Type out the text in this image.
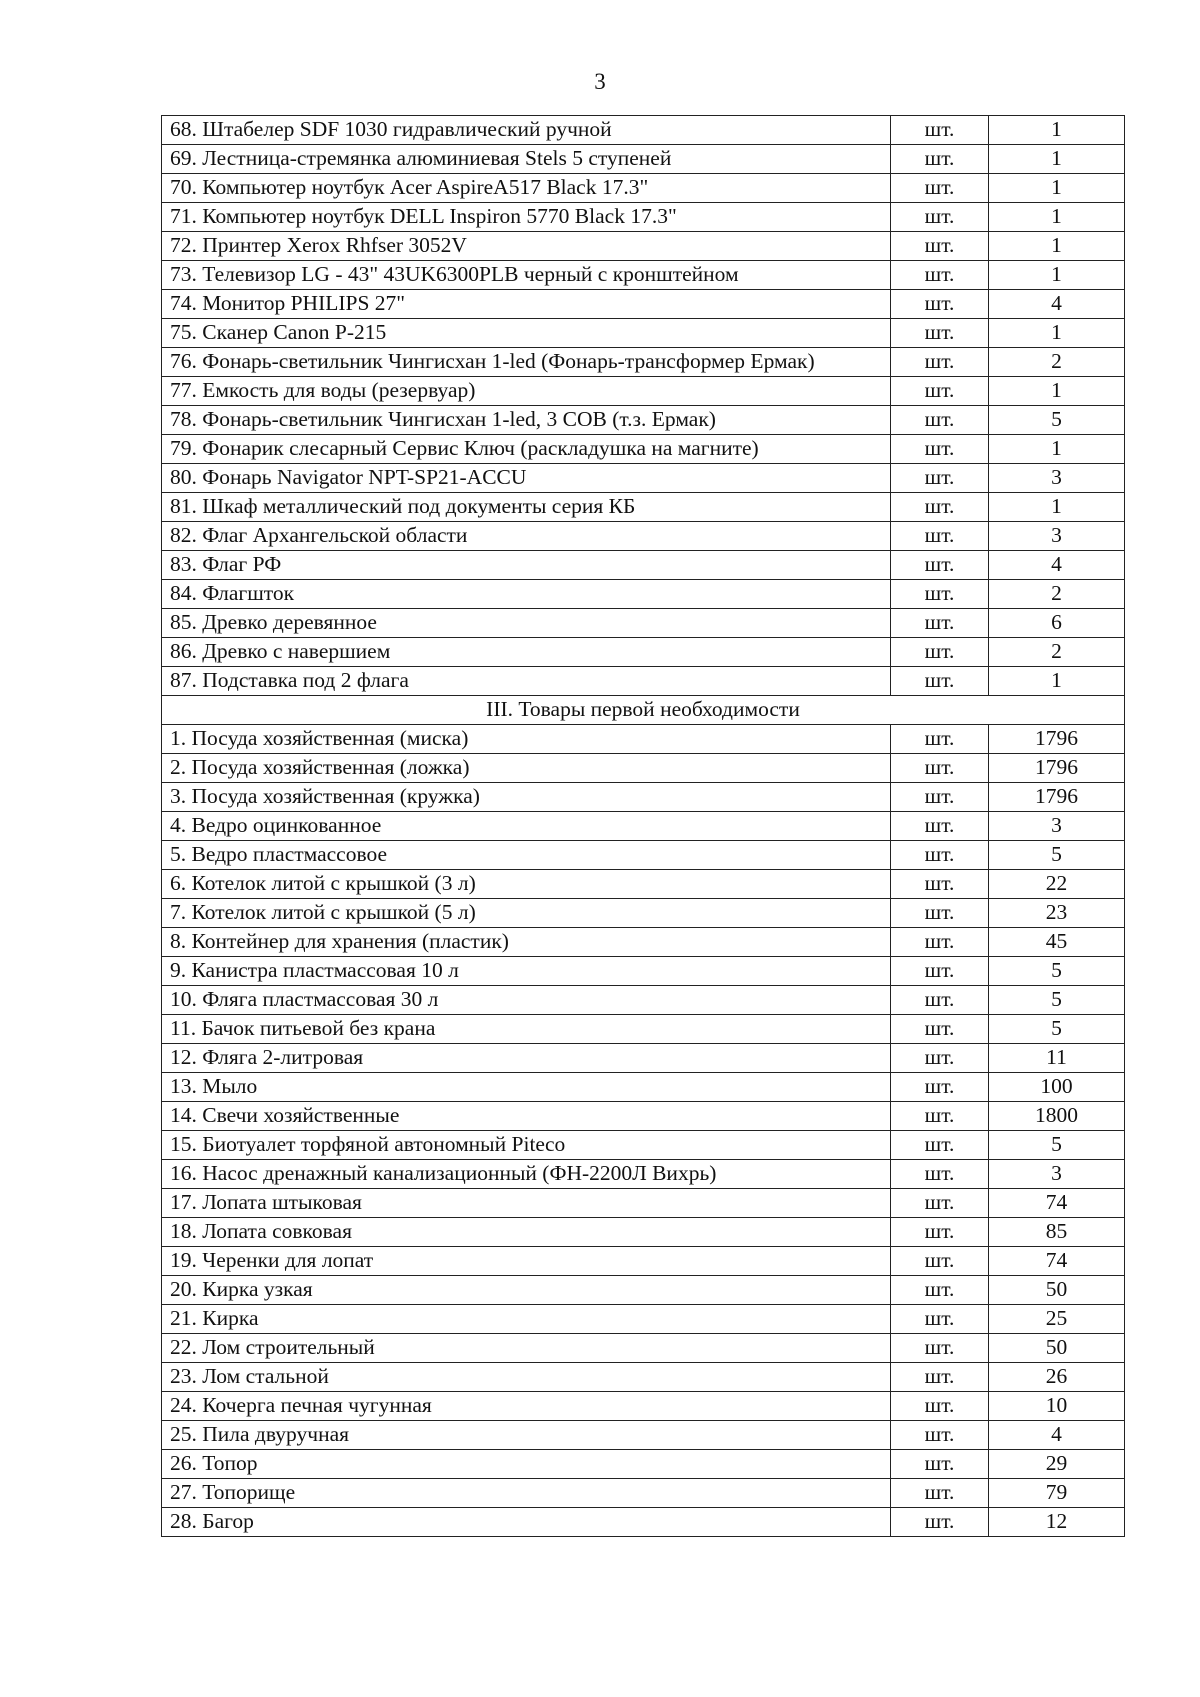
3
68. Штабелер SDF 1030 гидравлический ручной	шт.	1
69. Лестница-стремянка алюминиевая Stels 5 ступеней	шт.	1
70. Компьютер ноутбук Acer AspireA517 Black 17.3"	шт.	1
71. Компьютер ноутбук DELL Inspiron 5770 Black 17.3"	шт.	1
72. Принтер Xerox Rhfser 3052V	шт.	1
73. Телевизор LG - 43" 43UK6300PLB черный с кронштейном	шт.	1
74. Монитор PHILIPS 27"	шт.	4
75. Сканер Canon P-215	шт.	1
76. Фонарь-светильник Чингисхан 1-led (Фонарь-трансформер Ермак)	шт.	2
77. Емкость для воды (резервуар)	шт.	1
78. Фонарь-светильник Чингисхан 1-led, 3 COB (т.з. Ермак)	шт.	5
79. Фонарик слесарный Сервис Ключ (раскладушка на магните)	шт.	1
80. Фонарь Navigator NPT-SP21-ACCU	шт.	3
81. Шкаф металлический под документы серия КБ	шт.	1
82. Флаг Архангельской области	шт.	3
83. Флаг РФ	шт.	4
84. Флагшток	шт.	2
85. Древко деревянное	шт.	6
86. Древко с навершием	шт.	2
87. Подставка под 2 флага	шт.	1
III. Товары первой необходимости		
1. Посуда хозяйственная (миска)	шт.	1796
2. Посуда хозяйственная (ложка)	шт.	1796
3. Посуда хозяйственная (кружка)	шт.	1796
4. Ведро оцинкованное	шт.	3
5. Ведро пластмассовое	шт.	5
6. Котелок литой с крышкой (3 л)	шт.	22
7. Котелок литой с крышкой (5 л)	шт.	23
8. Контейнер для хранения (пластик)	шт.	45
9. Канистра пластмассовая 10 л	шт.	5
10. Фляга пластмассовая 30 л	шт.	5
11. Бачок питьевой без крана	шт.	5
12. Фляга 2-литровая	шт.	11
13. Мыло	шт.	100
14. Свечи хозяйственные	шт.	1800
15. Биотуалет торфяной автономный Piteco	шт.	5
16. Насос дренажный канализационный (ФН-2200Л Вихрь)	шт.	3
17. Лопата штыковая	шт.	74
18. Лопата совковая	шт.	85
19. Черенки для лопат	шт.	74
20. Кирка узкая	шт.	50
21. Кирка	шт.	25
22. Лом строительный	шт.	50
23. Лом стальной	шт.	26
24. Кочерга печная чугунная	шт.	10
25. Пила двуручная	шт.	4
26. Топор	шт.	29
27. Топорище	шт.	79
28. Багор	шт.	12
